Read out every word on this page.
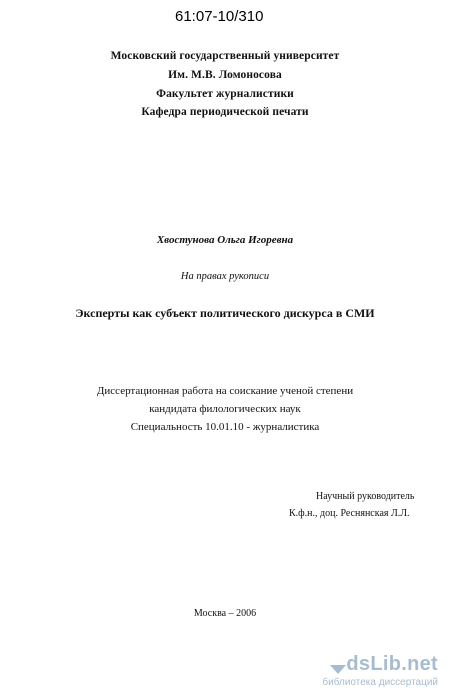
61:07-10/310
Московский государственный университет
Им. М.В. Ломоносова
Факультет журналистики
Кафедра периодической печати
Хвостунова Ольга Игоревна
На правах рукописи
Эксперты как субъект политического дискурса в СМИ
Диссертационная работа на соискание ученой степени
кандидата филологических наук
Специальность 10.01.10 - журналистика
Научный руководитель
К.ф.н., доц. Реснянская Л.Л.
Москва – 2006
dsLib.net
библиотека диссертаций
